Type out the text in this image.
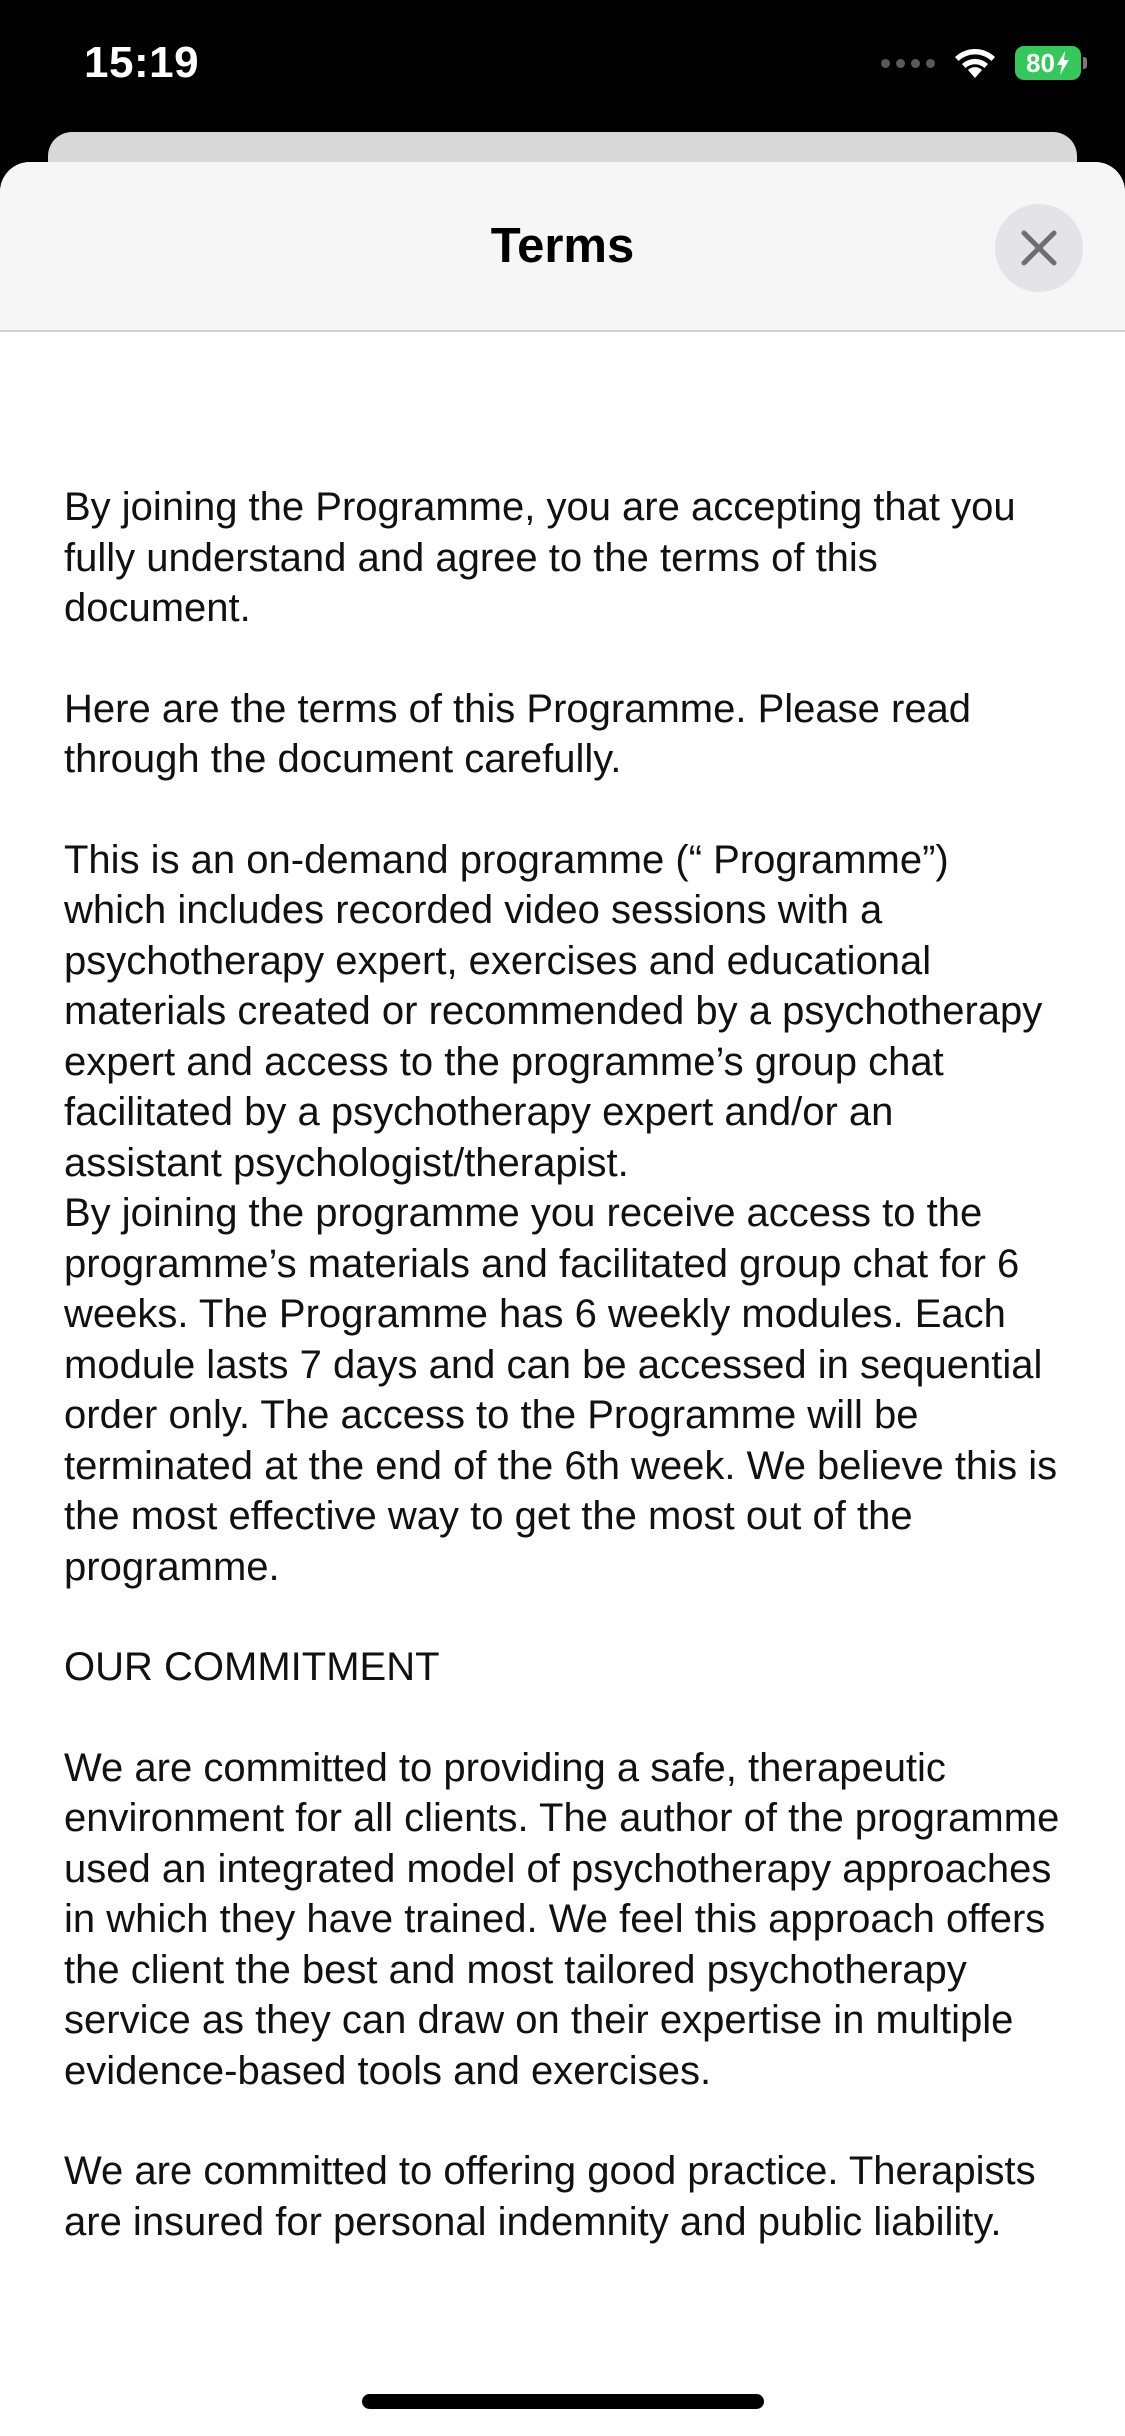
15:19	80
Terms

By joining the Programme, you are accepting that you fully understand and agree to the terms of this document.

Here are the terms of this Programme. Please read through the document carefully.

This is an on-demand programme (“ Programme”) which includes recorded video sessions with a psychotherapy expert, exercises and educational materials created or recommended by a psychotherapy expert and access to the programme’s group chat facilitated by a psychotherapy expert and/or an assistant psychologist/therapist.

By joining the programme you receive access to the programme’s materials and facilitated group chat for 6 weeks. The Programme has 6 weekly modules. Each module lasts 7 days and can be accessed in sequential order only. The access to the Programme will be terminated at the end of the 6th week. We believe this is the most effective way to get the most out of the programme.

OUR COMMITMENT

We are committed to providing a safe, therapeutic environment for all clients. The author of the programme used an integrated model of psychotherapy approaches in which they have trained. We feel this approach offers the client the best and most tailored psychotherapy service as they can draw on their expertise in multiple evidence-based tools and exercises.

We are committed to offering good practice. Therapists are insured for personal indemnity and public liability.
